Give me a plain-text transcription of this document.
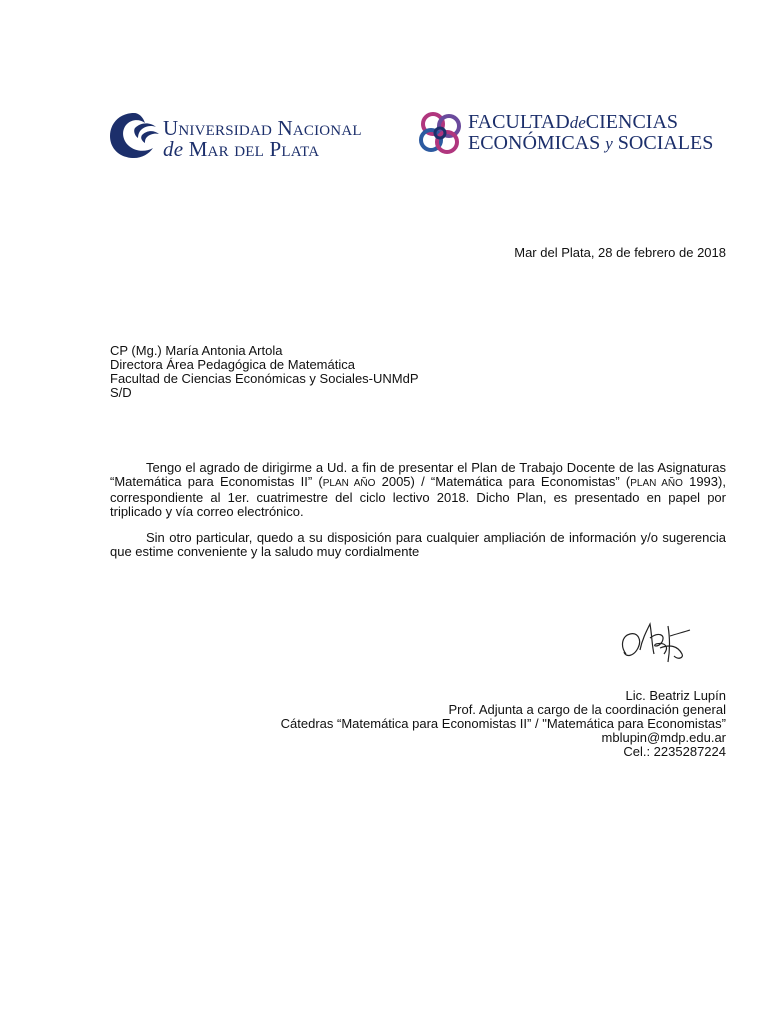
Universidad Nacional
de Mar del Plata
FACULTADdeCIENCIAS
ECONÓMICAS y SOCIALES
Mar del Plata, 28 de febrero de 2018
CP (Mg.) María Antonia Artola
Directora Área Pedagógica de Matemática
Facultad de Ciencias Económicas y Sociales-UNMdP
S/D
Tengo el agrado de dirigirme a Ud. a fin de presentar el Plan de Trabajo Docente de las Asignaturas “Matemática para Economistas II” (PLAN AÑO 2005) / “Matemática para Economistas” (PLAN AÑO 1993), correspondiente al 1er. cuatrimestre del ciclo lectivo 2018. Dicho Plan, es presentado en papel por triplicado y vía correo electrónico.
Sin otro particular, quedo a su disposición para cualquier ampliación de información y/o sugerencia que estime conveniente y la saludo muy cordialmente
Lic. Beatriz Lupín
Prof. Adjunta a cargo de la coordinación general
Cátedras “Matemática para Economistas II” / "Matemática para Economistas”
mblupin@mdp.edu.ar
Cel.: 2235287224
